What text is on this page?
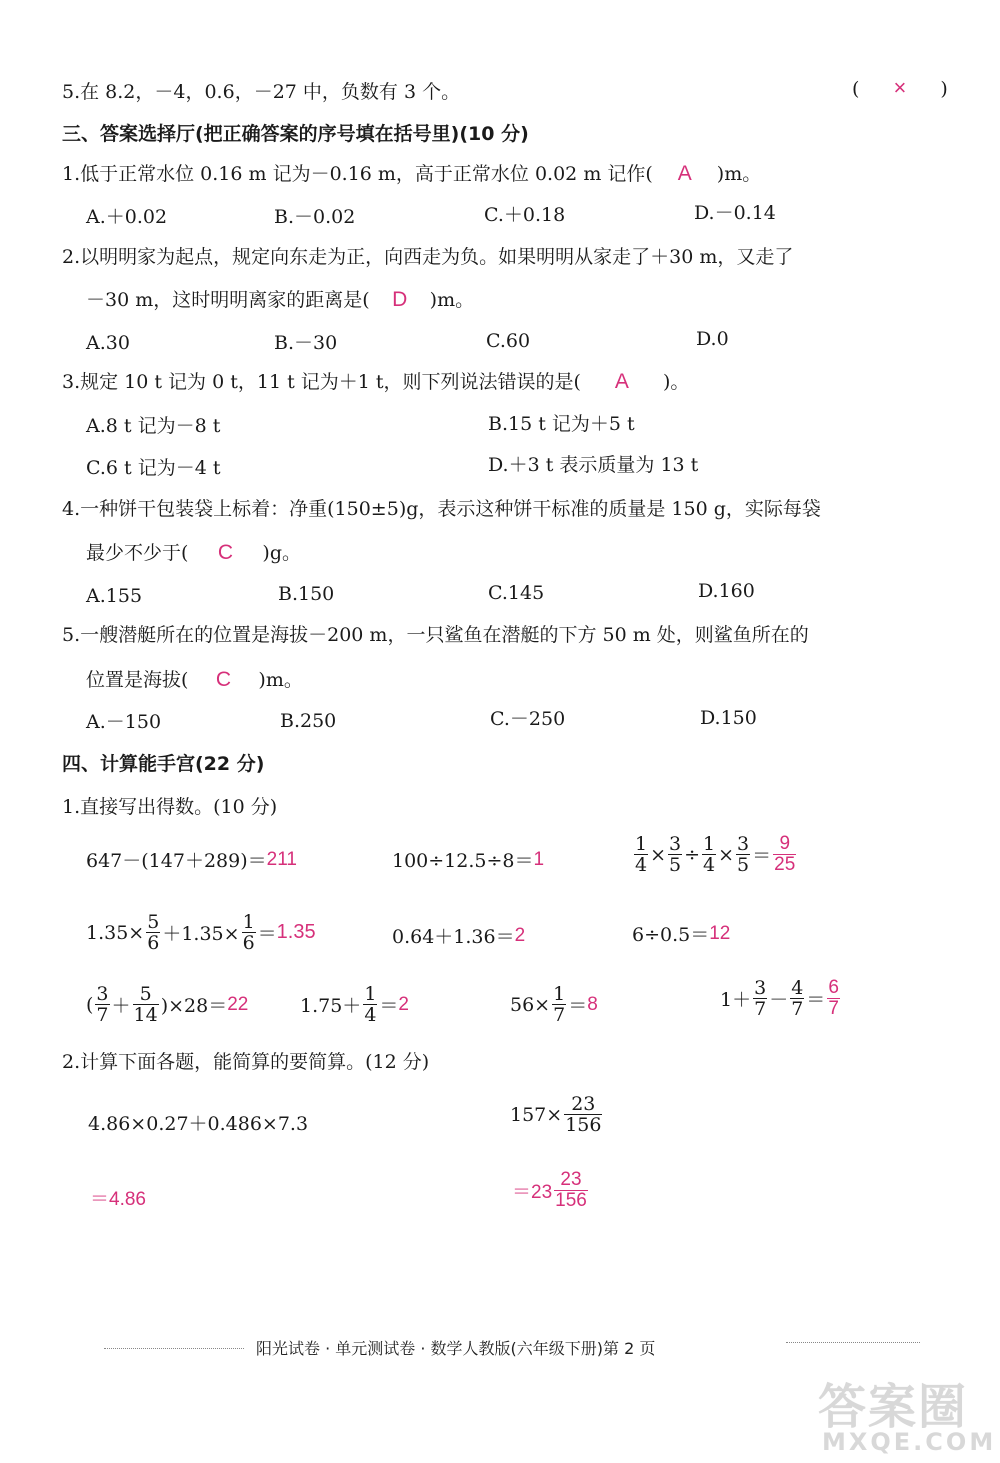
5.在 8.2，－4，0.6，－27 中，负数有 3 个。	( × )
三、答案选择厅(把正确答案的序号填在括号里)(10 分)
1.低于正常水位 0.16 m 记为－0.16 m，高于正常水位 0.02 m 记作( A )m。
A.＋0.02	B.－0.02	C.＋0.18	D.－0.14
2.以明明家为起点，规定向东走为正，向西走为负。如果明明从家走了＋30 m，又走了
－30 m，这时明明离家的距离是( D )m。
A.30	B.－30	C.60	D.0
3.规定 10 t 记为 0 t，11 t 记为＋1 t，则下列说法错误的是( A )。
A.8 t 记为－8 t	B.15 t 记为＋5 t
C.6 t 记为－4 t	D.＋3 t 表示质量为 13 t
4.一种饼干包装袋上标着：净重(150±5)g，表示这种饼干标准的质量是 150 g，实际每袋
最少不少于( C )g。
A.155	B.150	C.145	D.160
5.一艘潜艇所在的位置是海拔－200 m，一只鲨鱼在潜艇的下方 50 m 处，则鲨鱼所在的
位置是海拔( C )m。
A.－150	B.250	C.－250	D.150
四、计算能手宫(22 分)
1.直接写出得数。(10 分)
647－(147＋289)＝ 211	100÷12.5÷8＝ 1	$\frac{1}{4} \times \frac{3}{5} \div \frac{1}{4} \times \frac{3}{5} = \frac{9}{25}$
$1.35\times \frac{5}{6} +1.35\times \frac{1}{6} = 1.35$	0.64＋1.36＝ 2	6÷0.5＝ 12
( $\frac{3}{7} + \frac{5}{14} )\times 28= 22$	$1.75+ \frac{1}{4} = 2$	$56\times \frac{1}{7} = 8$	$1+ \frac{3}{7} - \frac{4}{7} = \frac{6}{7}$
2.计算下面各题，能简算的要简算。(12 分)
4.86×0.27＋0.486×7.3	$157\times \frac{23}{156}$
＝4.86	$=23 \frac{23}{156}$
阳光试卷 · 单元测试卷 · 数学人教版(六年级下册)第 2 页
答案圈
MXQE.COM
